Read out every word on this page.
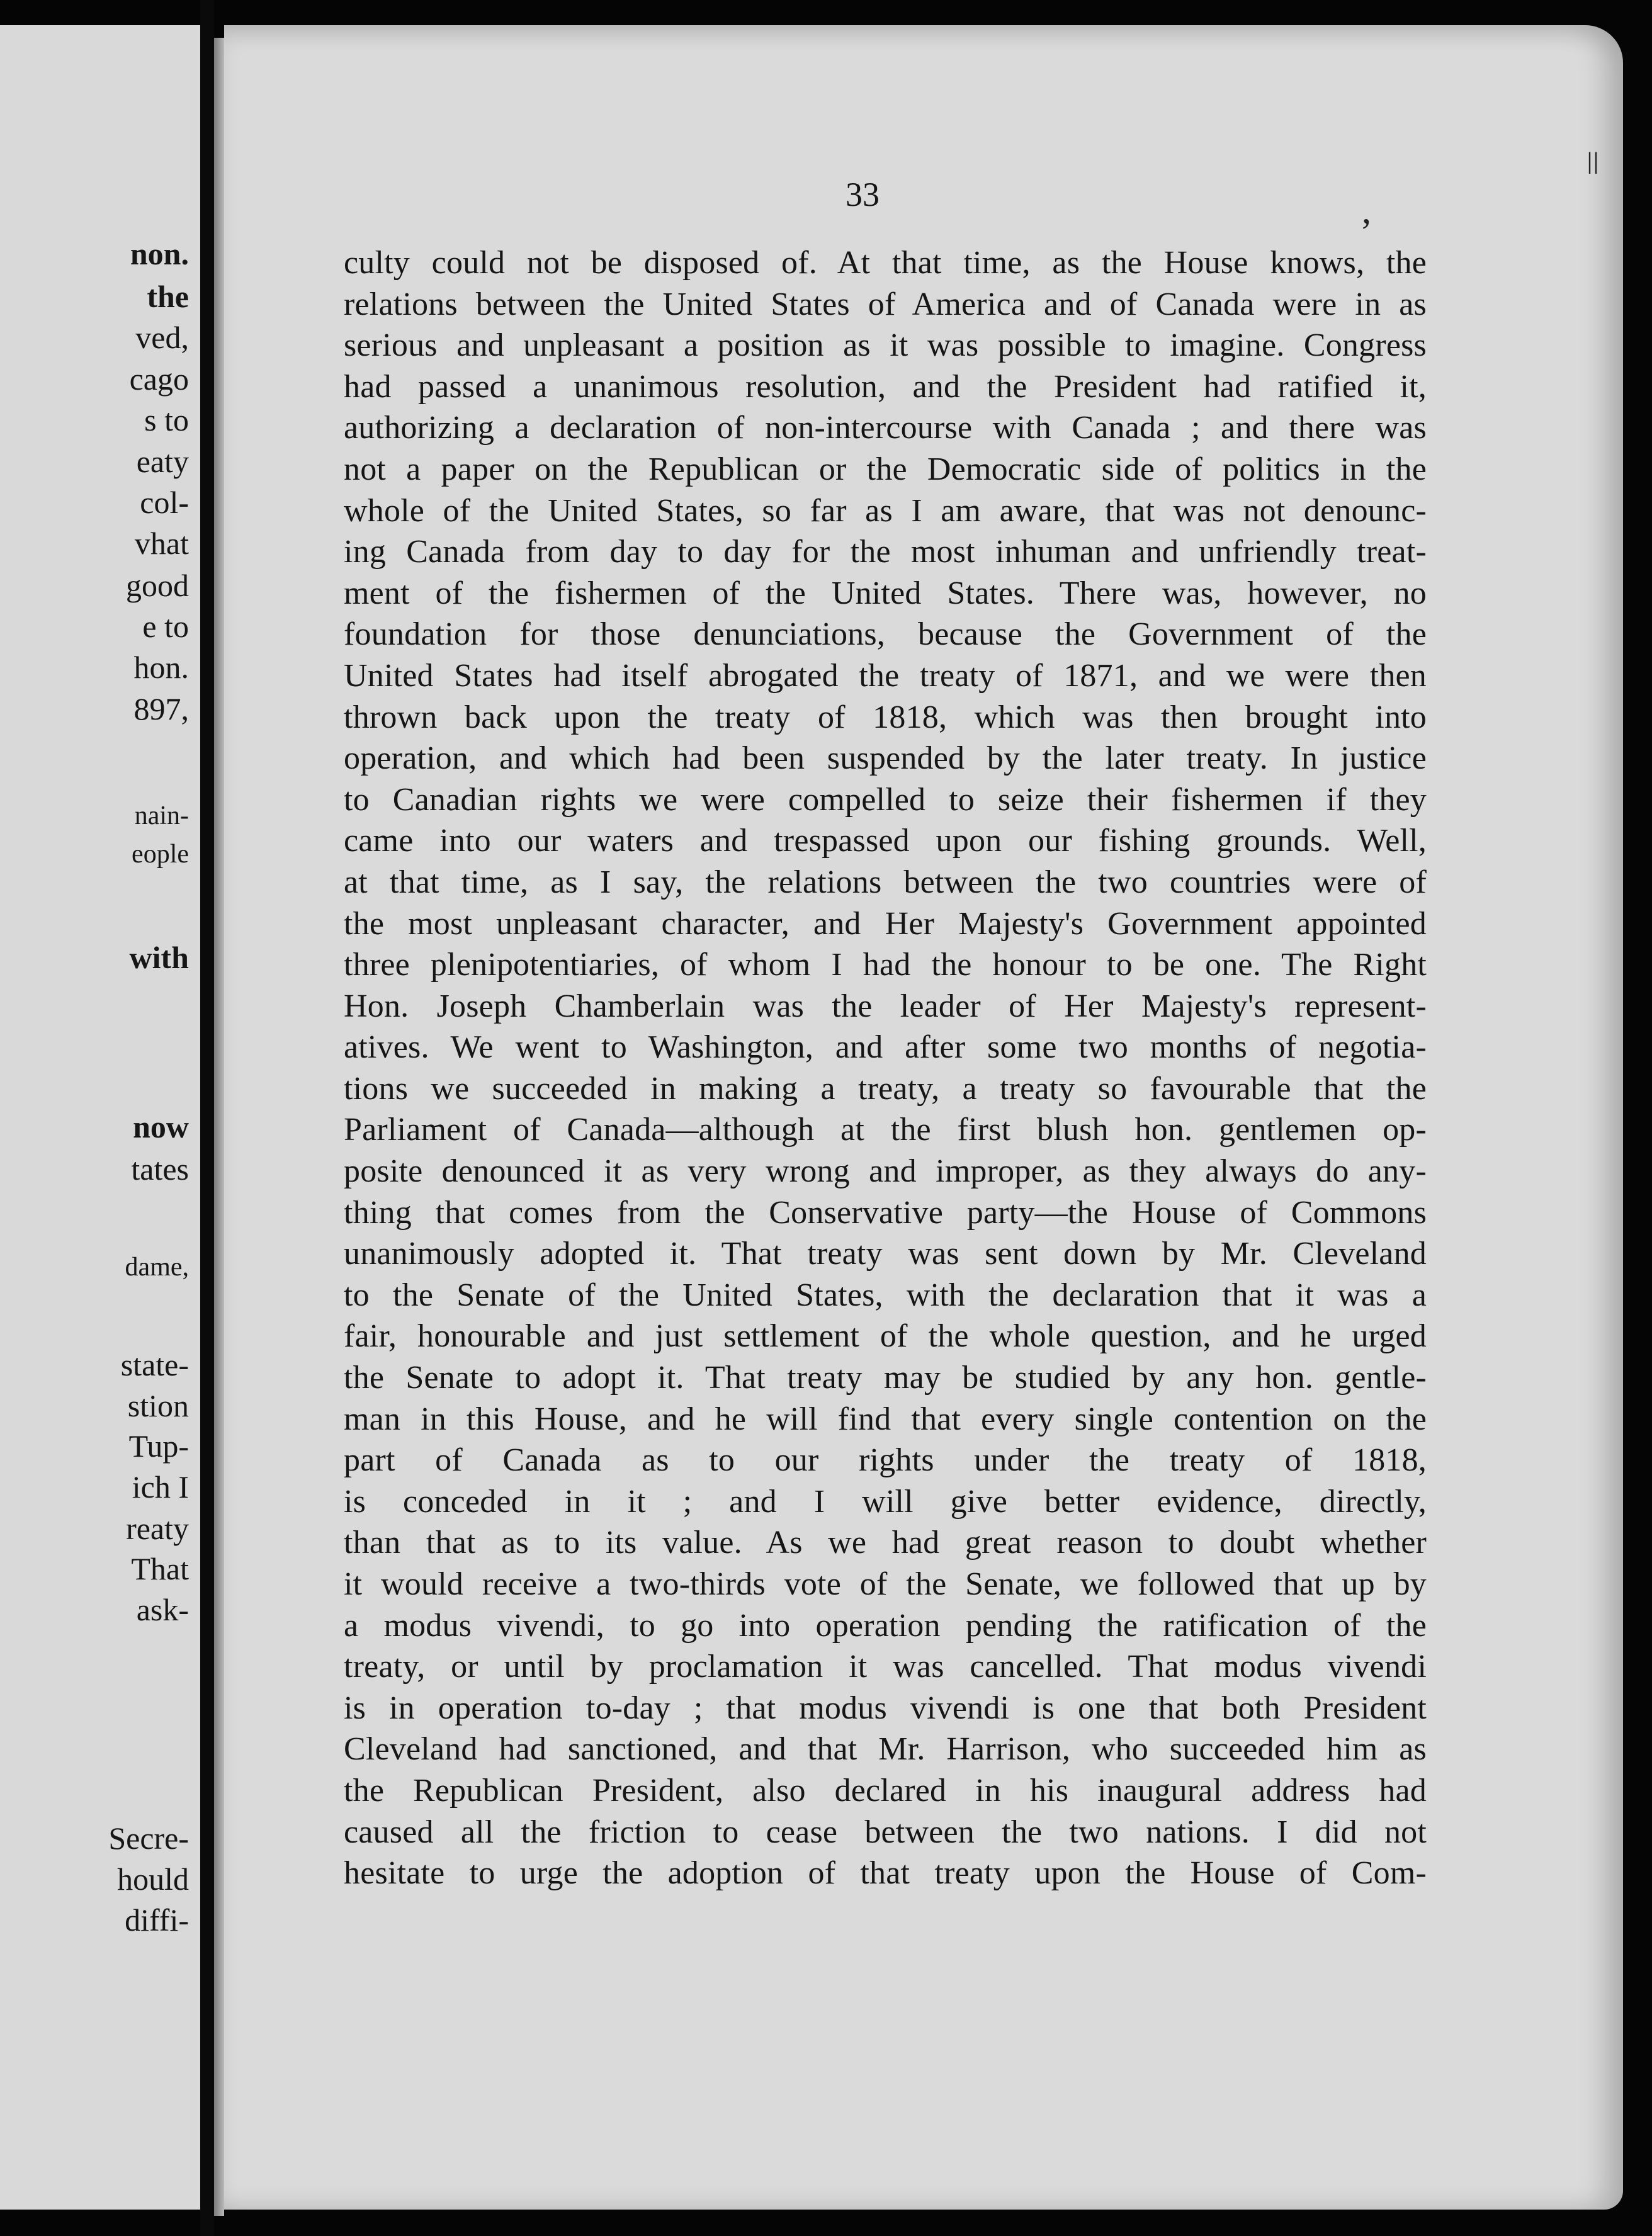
non.
the
ved,
cago
s to
eaty
col-
vhat
good
e to
hon.
897,
nain-
eople
with
now
tates
dame,
state-
stion
Tup-
ich I
reaty
That
ask-
Secre-
hould
diffi-

33

culty could not be disposed of. At that time, as the House knows, the
relations between the United States of America and of Canada were in as
serious and unpleasant a position as it was possible to imagine. Congress
had passed a unanimous resolution, and the President had ratified it,
authorizing a declaration of non-intercourse with Canada ; and there was
not a paper on the Republican or the Democratic side of politics in the
whole of the United States, so far as I am aware, that was not denounc-
ing Canada from day to day for the most inhuman and unfriendly treat-
ment of the fishermen of the United States. There was, however, no
foundation for those denunciations, because the Government of the
United States had itself abrogated the treaty of 1871, and we were then
thrown back upon the treaty of 1818, which was then brought into
operation, and which had been suspended by the later treaty. In justice
to Canadian rights we were compelled to seize their fishermen if they
came into our waters and trespassed upon our fishing grounds. Well,
at that time, as I say, the relations between the two countries were of
the most unpleasant character, and Her Majesty's Government appointed
three plenipotentiaries, of whom I had the honour to be one. The Right
Hon. Joseph Chamberlain was the leader of Her Majesty's represent-
atives. We went to Washington, and after some two months of negotia-
tions we succeeded in making a treaty, a treaty so favourable that the
Parliament of Canada—although at the first blush hon. gentlemen op-
posite denounced it as very wrong and improper, as they always do any-
thing that comes from the Conservative party—the House of Commons
unanimously adopted it. That treaty was sent down by Mr. Cleveland
to the Senate of the United States, with the declaration that it was a
fair, honourable and just settlement of the whole question, and he urged
the Senate to adopt it. That treaty may be studied by any hon. gentle-
man in this House, and he will find that every single contention on the
part of Canada as to our rights under the treaty of 1818,
is conceded in it ; and I will give better evidence, directly,
than that as to its value. As we had great reason to doubt whether
it would receive a two-thirds vote of the Senate, we followed that up by
a modus vivendi, to go into operation pending the ratification of the
treaty, or until by proclamation it was cancelled. That modus vivendi
is in operation to-day ; that modus vivendi is one that both President
Cleveland had sanctioned, and that Mr. Harrison, who succeeded him as
the Republican President, also declared in his inaugural address had
caused all the friction to cease between the two nations. I did not
hesitate to urge the adoption of that treaty upon the House of Com-
‚
ǀǀ
